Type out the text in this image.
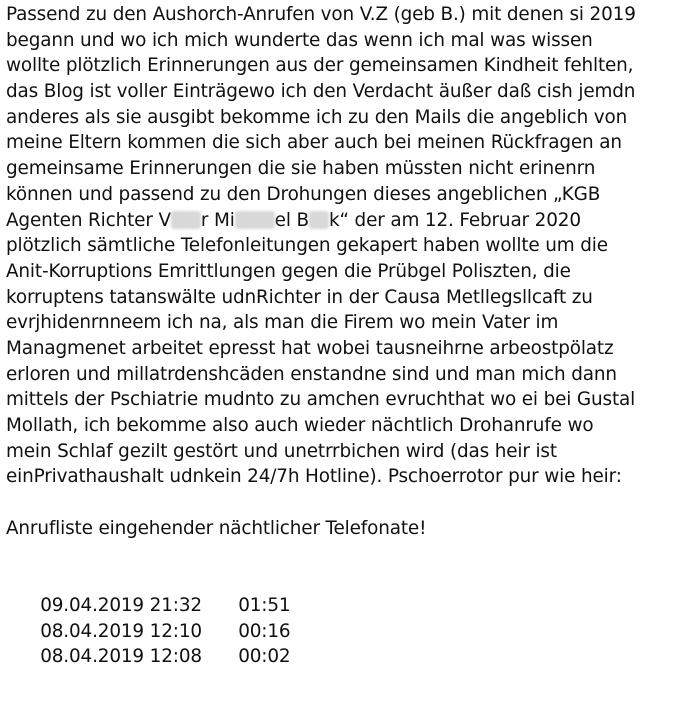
Passend zu den Aushorch-Anrufen von V.Z (geb B.) mit denen si 2019
begann und wo ich mich wunderte das wenn ich mal was wissen
wollte plötzlich Erinnerungen aus der gemeinsamen Kindheit fehlten,
das Blog ist voller Einträgewo ich den Verdacht äußer daß cish jemdn
anderes als sie ausgibt bekomme ich zu den Mails die angeblich von
meine Eltern kommen die sich aber auch bei meinen Rückfragen an
gemeinsame Erinnerungen die sie haben müssten nicht erinenrn
können und passend zu den Drohungen dieses angeblichen „KGB
Agenten Richter V r Mi el B k“ der am 12. Februar 2020
plötzlich sämtliche Telefonleitungen gekapert haben wollte um die
Anit-Korruptions Emrittlungen gegen die Prübgel Poliszten, die
korruptens tatanswälte udnRichter in der Causa Metllegsllcaft zu
evrjhidenrnneem ich na, als man die Firem wo mein Vater im
Managmenet arbeitet epresst hat wobei tausneihrne arbeostpölatz
erloren und millatrdenshcäden enstandne sind und man mich dann
mittels der Pschiatrie mudnto zu amchen evruchthat wo ei bei Gustal
Mollath, ich bekomme also auch wieder nächtlich Drohanrufe wo
mein Schlaf gezilt gestört und unetrrbichen wird (das heir ist
einPrivathaushalt udnkein 24/7h Hotline). Pschoerrotor pur wie heir:
Anrufliste eingehender nächtlicher Telefonate!

09.04.2019 21:32 01:51

08.04.2019 12:10 00:16

08.04.2019 12:08 00:02
